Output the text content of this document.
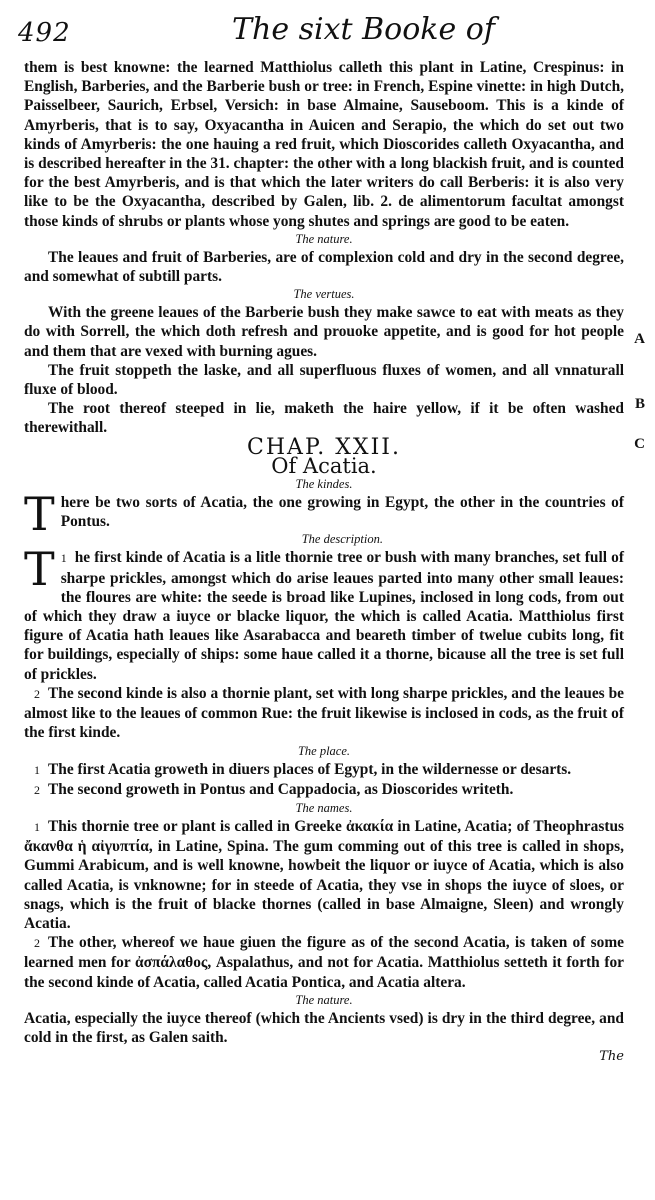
492	The sixt Booke of
A
B
C

them is best knowne: the learned Matthiolus calleth this plant in Latine, Crespinus: in English, Barberies, and the Barberie bush or tree: in French, Espine vinette: in high Dutch, Paisselbeer, Saurich, Erbsel, Versich: in base Almaine, Sauseboom. This is a kinde of Amyrberis, that is to say, Oxyacantha in Auicen and Serapio, the which do set out two kinds of Amyrberis: the one hauing a red fruit, which Dioscorides calleth Oxyacantha, and is described hereafter in the 31. chapter: the other with a long blackish fruit, and is counted for the best Amyrberis, and is that which the later writers do call Berberis: it is also very like to be the Oxyacantha, described by Galen, lib. 2. de alimentorum facultat amongst those kinds of shrubs or plants whose yong shutes and springs are good to be eaten.

The nature.

The leaues and fruit of Barberies, are of complexion cold and dry in the second degree, and somewhat of subtill parts.

The vertues.

With the greene leaues of the Barberie bush they make sawce to eat with meats as they do with Sorrell, the which doth refresh and prouoke appetite, and is good for hot people and them that are vexed with burning agues.

The fruit stoppeth the laske, and all superfluous fluxes of women, and all vnnaturall fluxe of blood.

The root thereof steeped in lie, maketh the haire yellow, if it be often washed therewithall.

CHAP. XXII.

Of Acatia.

The kindes.

There be two sorts of Acatia, the one growing in Egypt, the other in the countries of Pontus.

The description.

1
T he first kinde of Acatia is a litle thornie tree or bush with many branches, set full of sharpe prickles, amongst which do arise leaues parted into many other small leaues: the floures are white: the seede is broad like Lupines, inclosed in long cods, from out of which they draw a iuyce or blacke liquor, the which is called Acatia. Matthiolus first figure of Acatia hath leaues like Asarabacca and beareth timber of twelue cubits long, fit for buildings, especially of ships: some haue called it a thorne, bicause all the tree is set full of prickles.

2 The second kinde is also a thornie plant, set with long sharpe prickles, and the leaues be almost like to the leaues of common Rue: the fruit likewise is inclosed in cods, as the fruit of the first kinde.

The place.

1 The first Acatia groweth in diuers places of Egypt, in the wildernesse or desarts.

2 The second groweth in Pontus and Cappadocia, as Dioscorides writeth.

The names.

1 This thornie tree or plant is called in Greeke ἀκακία in Latine, Acatia; of Theophrastus ἄκανθα ἡ αἰγυπτία, in Latine, Spina. The gum comming out of this tree is called in shops, Gummi Arabicum, and is well knowne, howbeit the liquor or iuyce of Acatia, which is also called Acatia, is vnknowne; for in steede of Acatia, they vse in shops the iuyce of sloes, or snags, which is the fruit of blacke thornes (called in base Almaigne, Sleen) and wrongly Acatia.

2 The other, whereof we haue giuen the figure as of the second Acatia, is taken of some learned men for ἀσπάλαθος, Aspalathus, and not for Acatia. Matthiolus setteth it forth for the second kinde of Acatia, called Acatia Pontica, and Acatia altera.

The nature.

Acatia, especially the iuyce thereof (which the Ancients vsed) is dry in the third degree, and cold in the first, as Galen saith.

The
